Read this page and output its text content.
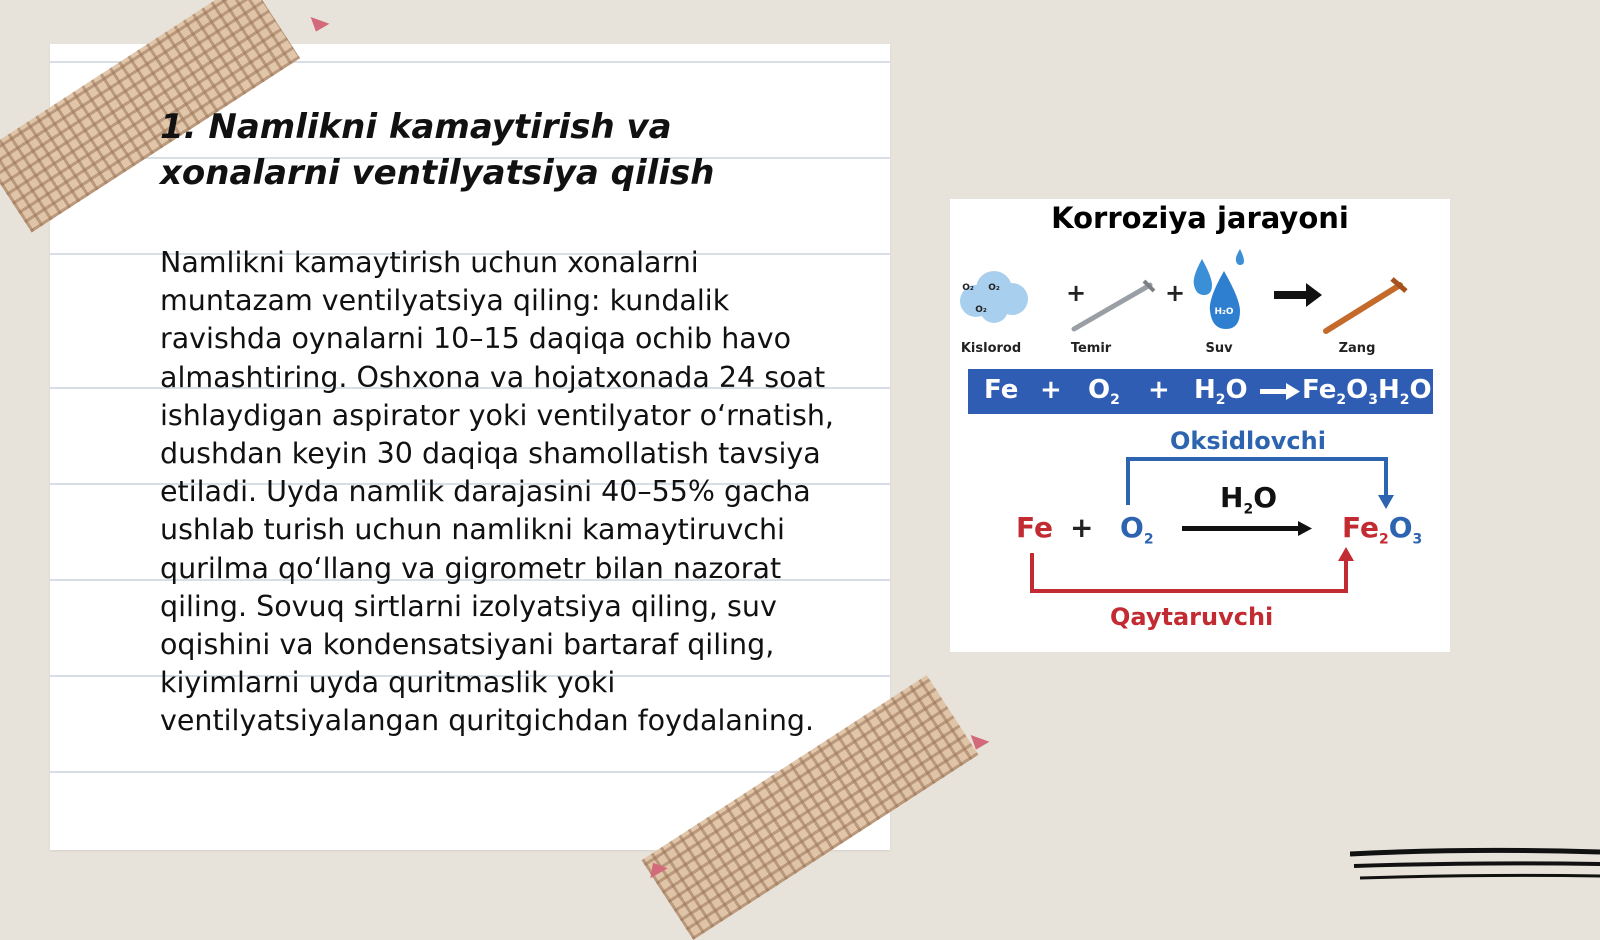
1. Namlikni kamaytirish va xonalarni ventilyatsiya qilish

Namlikni kamaytirish uchun xonalarni muntazam ventilyatsiya qiling: kundalik ravishda oynalarni 10–15 daqiqa ochib havo almashtiring. Oshxona va hojatxonada 24 soat ishlaydigan aspirator yoki ventilyator o‘rnatish, dushdan keyin 30 daqiqa shamollatish tavsiya etiladi. Uyda namlik darajasini 40–55% gacha ushlab turish uchun namlikni kamaytiruvchi qurilma qo‘llang va gigrometr bilan nazorat qiling. Sovuq sirtlarni izolyatsiya qiling, suv oqishini va kondensatsiyani bartaraf qiling, kiyimlarni uyda quritmaslik yoki ventilyatsiyalangan quritgichdan foydalaning.

Korroziya jarayoni
O₂	O₂
O₂
Kislorod
+
Temir
+
H₂O
Suv	Zang
$Fe + O_2 + H_2O$ $Fe_2O_3H_2O$
Oksidlovchi
$Fe + O_2$
$H_2O$
$Fe_2O_3$
Qaytaruvchi
